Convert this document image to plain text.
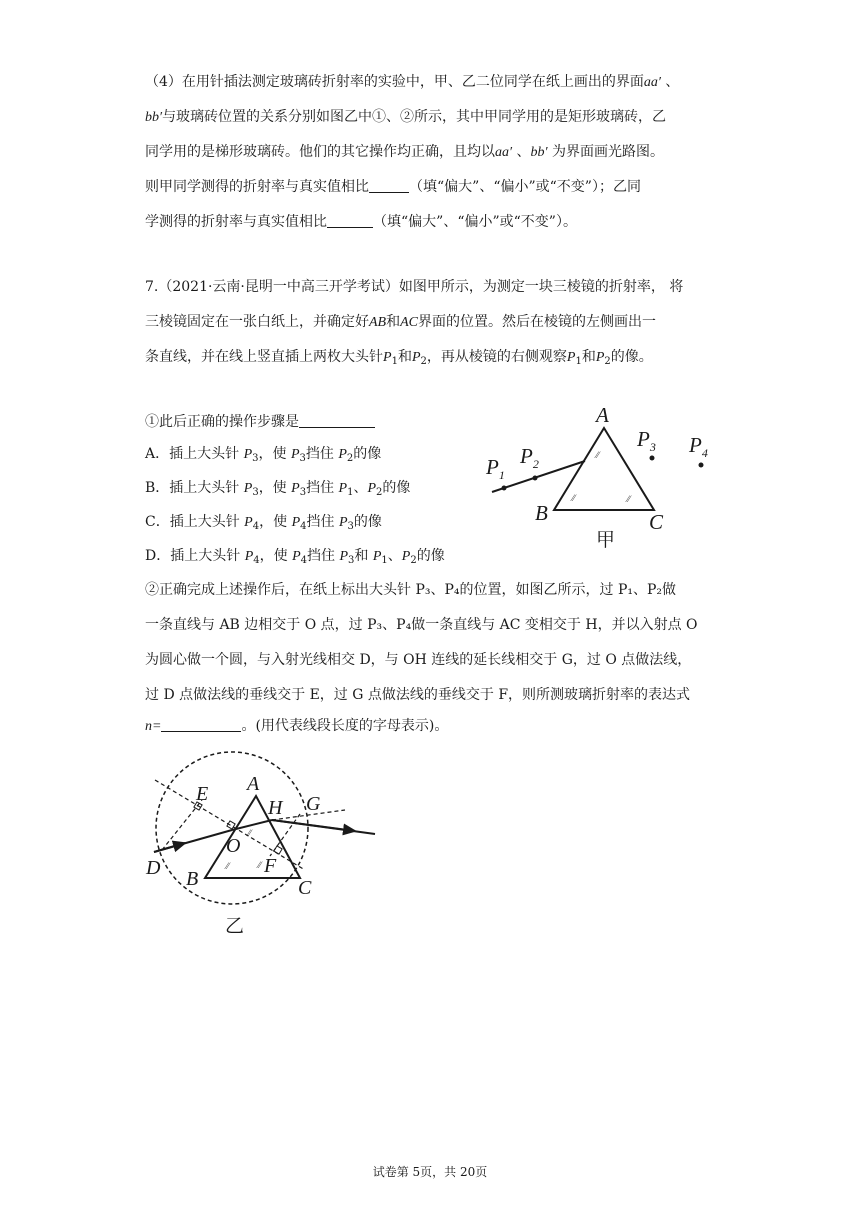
（4）在用针插法测定玻璃砖折射率的实验中，甲、乙二位同学在纸上画出的界面aa′ 、
bb′与玻璃砖位置的关系分别如图乙中①、②所示，其中甲同学用的是矩形玻璃砖，乙
同学用的是梯形玻璃砖。他们的其它操作均正确，且均以aa′ 、bb′ 为界面画光路图。
则甲同学测得的折射率与真实值相比	（填“偏大”、“偏小”或“不变”）；乙同
学测得的折射率与真实值相比	（填“偏大”、“偏小”或“不变”）。
7.（2021·云南·昆明一中高三开学考试）如图甲所示，为测定一块三棱镜的折射率， 将
三棱镜固定在一张白纸上，并确定好AB和AC界面的位置。然后在棱镜的左侧画出一
条直线，并在线上竖直插上两枚大头针$P_1$和$P_2$，再从棱镜的右侧观察$P_1$和$P_2$的像。
①此后正确的操作步骤是
A．插上大头针 $P_3$，使 $P_3$挡住 $P_2$的像
B．插上大头针 $P_3$，使 $P_3$挡住 $P_1$、$P_2$的像
C．插上大头针 $P_4$，使 $P_4$挡住 $P_3$的像
D．插上大头针 $P_4$，使 $P_4$挡住 $P_3$和 $P_1$、$P_2$的像
②正确完成上述操作后，在纸上标出大头针 P₃、P₄的位置，如图乙所示，过 P₁、P₂做
一条直线与 AB 边相交于 O 点，过 P₃、P₄做一条直线与 AC 变相交于 H，并以入射点 O
为圆心做一个圆，与入射光线相交 D，与 OH 连线的延长线相交于 G，过 O 点做法线，
过 D 点做法线的垂线交于 E，过 G 点做法线的垂线交于 F，则所测玻璃折射率的表达式
n=	。(用代表线段长度的字母表示)。
⁄⁄
⁄⁄	⁄⁄
A
B	C
$P_1$
$P_2$
$P_3$ $P_4$
甲
⁄⁄
⁄⁄	⁄⁄
A
E
H G
O
D B
F
C
乙
试卷第 5页，共 20页
